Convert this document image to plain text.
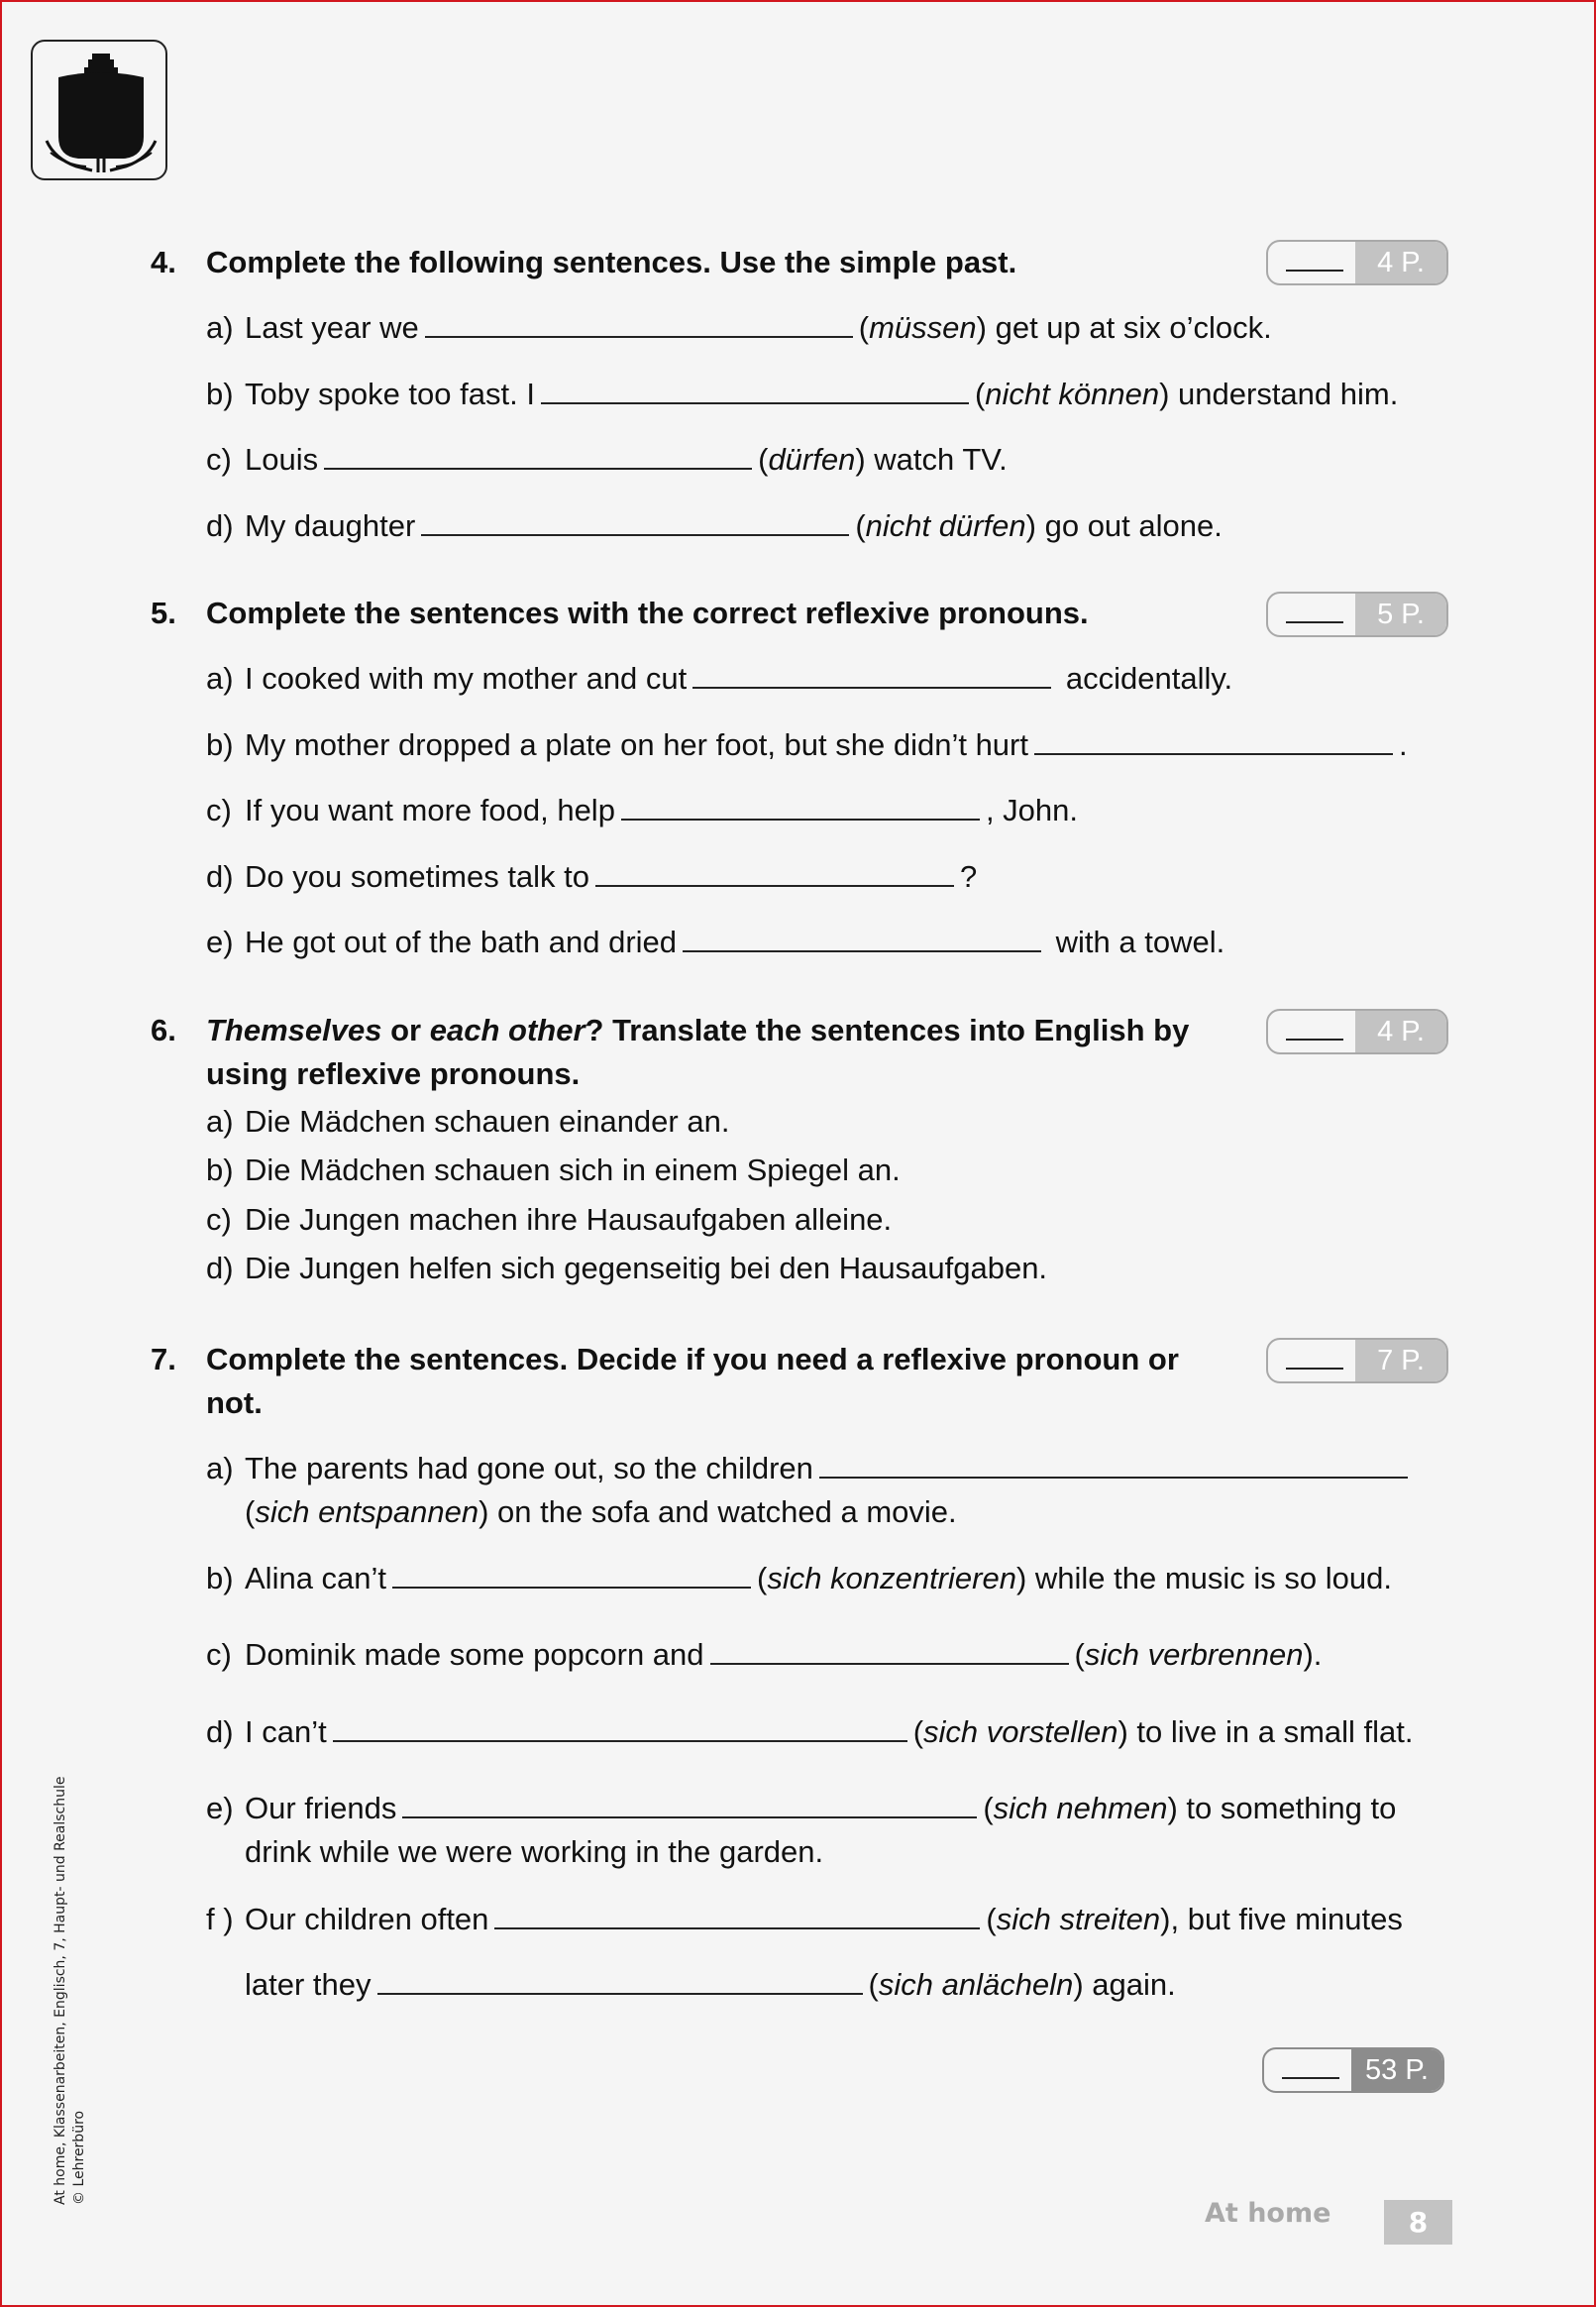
4. Complete the following sentences. Use the simple past.	4 P.
a) Last year we	(müssen) get up at six o’clock.
b) Toby spoke too fast. I	(nicht können) understand him.
c) Louis	(dürfen) watch TV.
d) My daughter	(nicht dürfen) go out alone.
5. Complete the sentences with the correct reflexive pronouns.	5 P.
a) I cooked with my mother and cut	accidentally.
b) My mother dropped a plate on her foot, but she didn’t hurt	.
c) If you want more food, help	, John.
d) Do you sometimes talk to	?
e) He got out of the bath and dried	with a towel.
6. Themselves or each other? Translate the sentences into English by using reflexive pronouns.
4 P.
a) Die Mädchen schauen einander an.
b) Die Mädchen schauen sich in einem Spiegel an.
c) Die Jungen machen ihre Hausaufgaben alleine.
d) Die Jungen helfen sich gegenseitig bei den Hausaufgaben.
7. Complete the sentences. Decide if you need a reflexive pronoun or not.
7 P.
a) The parents had gone out, so the children
(sich entspannen) on the sofa and watched a movie.
b) Alina can’t	(sich konzentrieren) while the music is so loud.
c) Dominik made some popcorn and	(sich verbrennen).
d) I can’t	(sich vorstellen) to live in a small flat.
e) Our friends	(sich nehmen) to something to
drink while we were working in the garden.
f ) Our children often	(sich streiten), but five minutes
later they	(sich anlächeln) again.
53 P.
At home, Klassenarbeiten, Englisch, 7, Haupt- und Realschule © Lehrerbüro
At home	8
